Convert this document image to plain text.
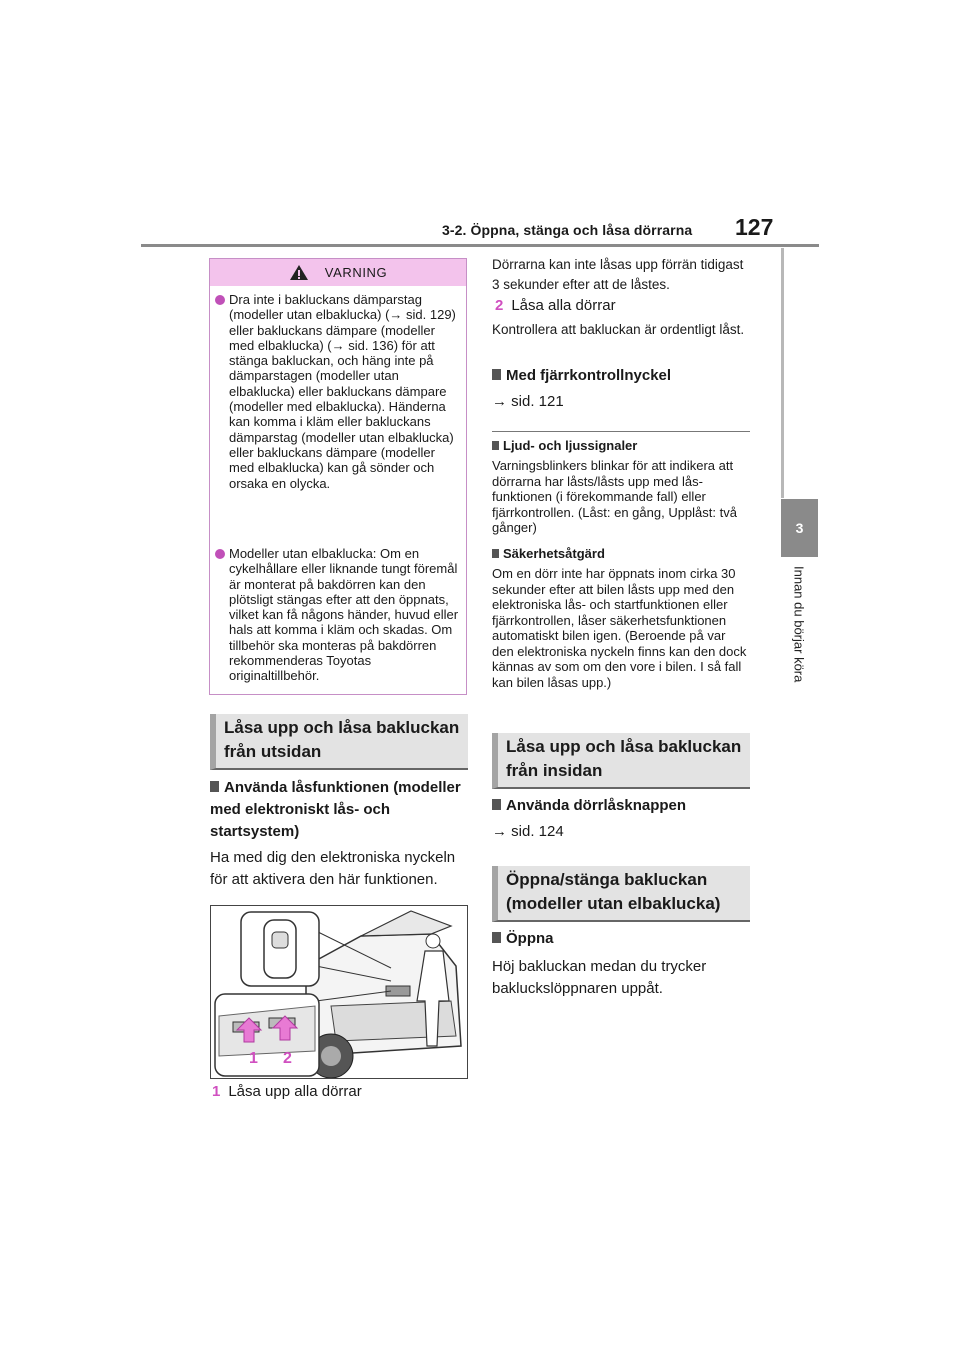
3-2. Öppna, stänga och låsa dörrarna 127
3
Innan du börjar köra
VARNING
Dra inte i bakluckans dämparstag (modeller utan elbaklucka) (→ sid. 129) eller bakluckans dämpare (modeller med elbaklucka) (→ sid. 136) för att stänga bakluckan, och häng inte på dämparstagen (modeller utan elbaklucka) eller bakluckans dämpare (modeller med elbaklucka). Händerna kan komma i kläm eller bakluckans dämparstag (modeller utan elbaklucka) eller bakluckans dämpare (modeller med elbaklucka) kan gå sönder och orsaka en olycka.
Modeller utan elbaklucka: Om en cykelhållare eller liknande tungt föremål är monterat på bakdörren kan den plötsligt stängas efter att den öppnats, vilket kan få någons händer, huvud eller hals att komma i kläm och skadas. Om tillbehör ska monteras på bakdörren rekommenderas Toyotas originaltillbehör.
Låsa upp och låsa bakluckan från utsidan
Använda låsfunktionen (modeller med elektroniskt lås- och startsystem)
Ha med dig den elektroniska nyckeln för att aktivera den här funktionen.
1 2
1 Låsa upp alla dörrar
Dörrarna kan inte låsas upp förrän tidigast 3 sekunder efter att de låstes.
2 Låsa alla dörrar
Kontrollera att bakluckan är ordentligt låst.
Med fjärrkontrollnyckel
→ sid. 121
Ljud- och ljussignaler
Varningsblinkers blinkar för att indikera att dörrarna har låsts/låsts upp med lås-funktionen (i förekommande fall) eller fjärrkontrollen. (Låst: en gång, Upplåst: två gånger)
Säkerhetsåtgärd
Om en dörr inte har öppnats inom cirka 30 sekunder efter att bilen låsts upp med den elektroniska lås- och startfunktionen eller fjärrkontrollen, låser säkerhetsfunktionen automatiskt bilen igen. (Beroende på var den elektroniska nyckeln finns kan den dock kännas av som om den vore i bilen. I så fall kan bilen låsas upp.)
Låsa upp och låsa bakluckan från insidan
Använda dörrlåsknappen
→ sid. 124
Öppna/stänga bakluckan (modeller utan elbaklucka)
Öppna
Höj bakluckan medan du trycker bakluckslöppnaren uppåt.
